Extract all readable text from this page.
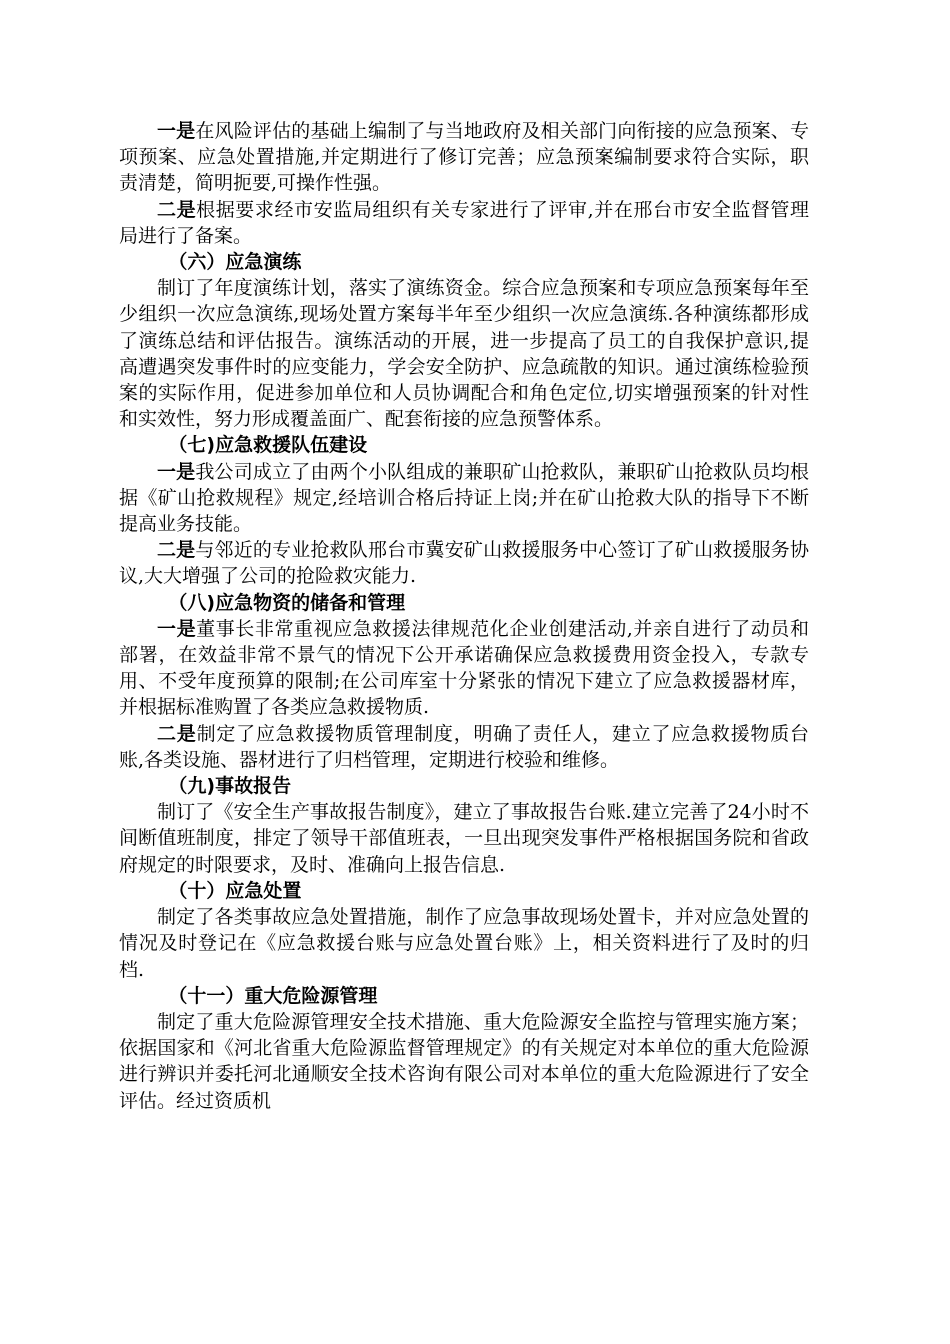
一是在风险评估的基础上编制了与当地政府及相关部门向衔接的应急预案、专项预案、应急处置措施,并定期进行了修订完善；应急预案编制要求符合实际，职责清楚，简明扼要,可操作性强。

二是根据要求经市安监局组织有关专家进行了评审,并在邢台市安全监督管理局进行了备案。

（六）应急演练

制订了年度演练计划，落实了演练资金。综合应急预案和专项应急预案每年至少组织一次应急演练,现场处置方案每半年至少组织一次应急演练.各种演练都形成了演练总结和评估报告。演练活动的开展，进一步提高了员工的自我保护意识,提高遭遇突发事件时的应变能力，学会安全防护、应急疏散的知识。通过演练检验预案的实际作用，促进参加单位和人员协调配合和角色定位,切实增强预案的针对性和实效性，努力形成覆盖面广、配套衔接的应急预警体系。

（七)应急救援队伍建设

一是我公司成立了由两个小队组成的兼职矿山抢救队，兼职矿山抢救队员均根据《矿山抢救规程》规定,经培训合格后持证上岗;并在矿山抢救大队的指导下不断提高业务技能。

二是与邻近的专业抢救队邢台市冀安矿山救援服务中心签订了矿山救援服务协议,大大增强了公司的抢险救灾能力.

（八)应急物资的储备和管理

一是董事长非常重视应急救援法律规范化企业创建活动,并亲自进行了动员和部署，在效益非常不景气的情况下公开承诺确保应急救援费用资金投入，专款专用、不受年度预算的限制;在公司库室十分紧张的情况下建立了应急救援器材库，并根据标准购置了各类应急救援物质.

二是制定了应急救援物质管理制度，明确了责任人，建立了应急救援物质台账,各类设施、器材进行了归档管理，定期进行校验和维修。

（九)事故报告

制订了《安全生产事故报告制度》，建立了事故报告台账.建立完善了24小时不间断值班制度，排定了领导干部值班表，一旦出现突发事件严格根据国务院和省政府规定的时限要求，及时、准确向上报告信息.

（十）应急处置

制定了各类事故应急处置措施，制作了应急事故现场处置卡，并对应急处置的情况及时登记在《应急救援台账与应急处置台账》上，相关资料进行了及时的归档.

（十一）重大危险源管理

制定了重大危险源管理安全技术措施、重大危险源安全监控与管理实施方案；依据国家和《河北省重大危险源监督管理规定》的有关规定对本单位的重大危险源进行辨识并委托河北通顺安全技术咨询有限公司对本单位的重大危险源进行了安全评估。经过资质机
